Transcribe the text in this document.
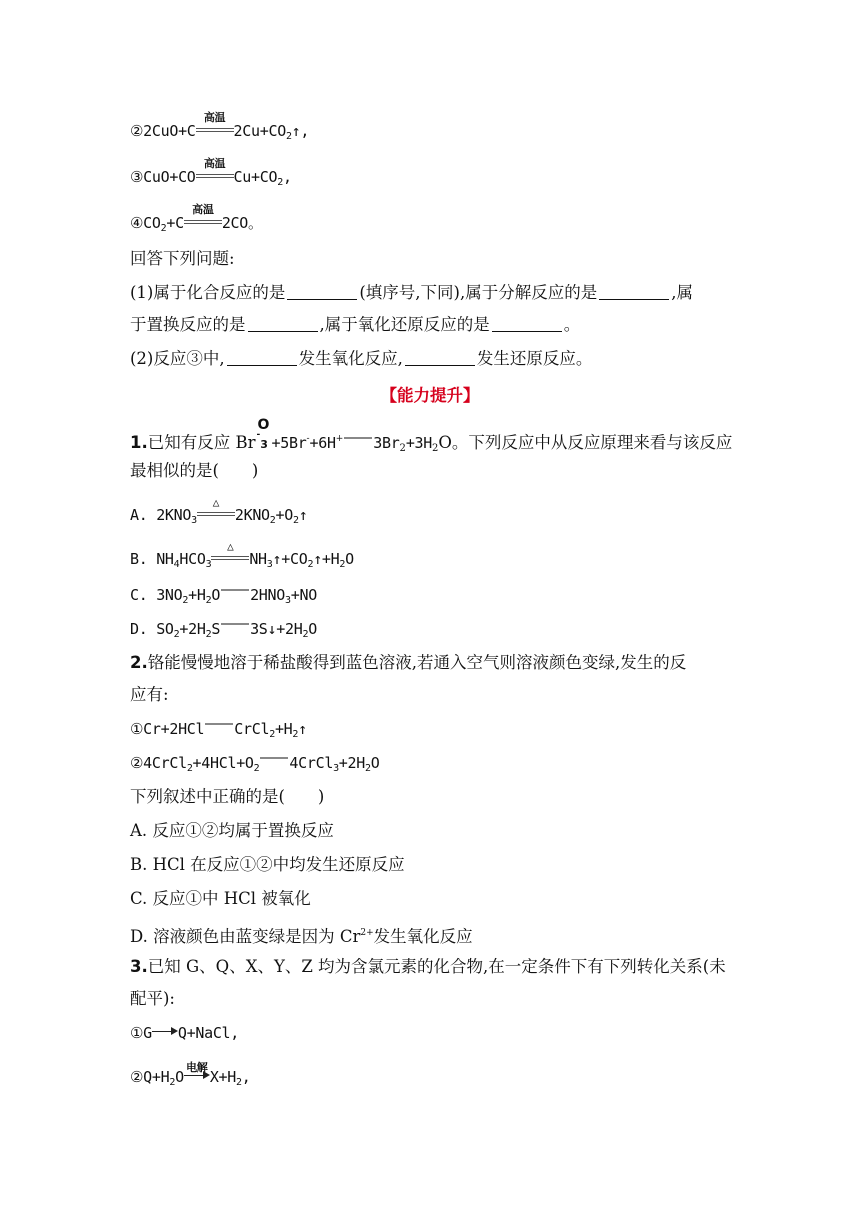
②2CuO+C
高温
$2Cu+CO_2↑$,
③CuO+CO
高温
$Cu+CO_2$,
$④CO_2+C$
高温
2CO。
回答下列问题:
(1)属于化合反应的是	(填序号,下同),属于分解反应的是	,属
于置换反应的是	,属于氧化还原反应的是	。
(2)反应③中,	发生氧化反应,	发生还原反应。
【能力提升】
1.已知有反应 Br
O
-$_3$ +5Br-+6H+ $3Br_2+3H_2O$。下列反应中从反应原理来看与该反应
最相似的是(　　)
A. $2KNO_3$
△
$2KNO_2+O_2↑$
B. $NH_4HCO_3$
△
$NH_3↑+CO_2↑+H_2O$
C. $3NO_2+H_2O$ $2HNO_3+NO$
D. $SO_2+2H_2S$ $3S↓+2H_2O$
2.铬能慢慢地溶于稀盐酸得到蓝色溶液,若通入空气则溶液颜色变绿,发生的反
应有:
①Cr+2HCl $CrCl_2+H_2↑$
$②4CrCl_2+4HCl+O_2$ $4CrCl_3+2H_2O$
下列叙述中正确的是(　　)
A. 反应①②均属于置换反应
B. HCl 在反应①②中均发生还原反应
C. 反应①中 HCl 被氧化
D. 溶液颜色由蓝变绿是因为 $Cr^{2+}$发生氧化反应
3.已知 G、Q、X、Y、Z 均为含氯元素的化合物,在一定条件下有下列转化关系(未
配平):
①G Q+NaCl,
$②Q+H_2O$
电解
$X+H_2$,
